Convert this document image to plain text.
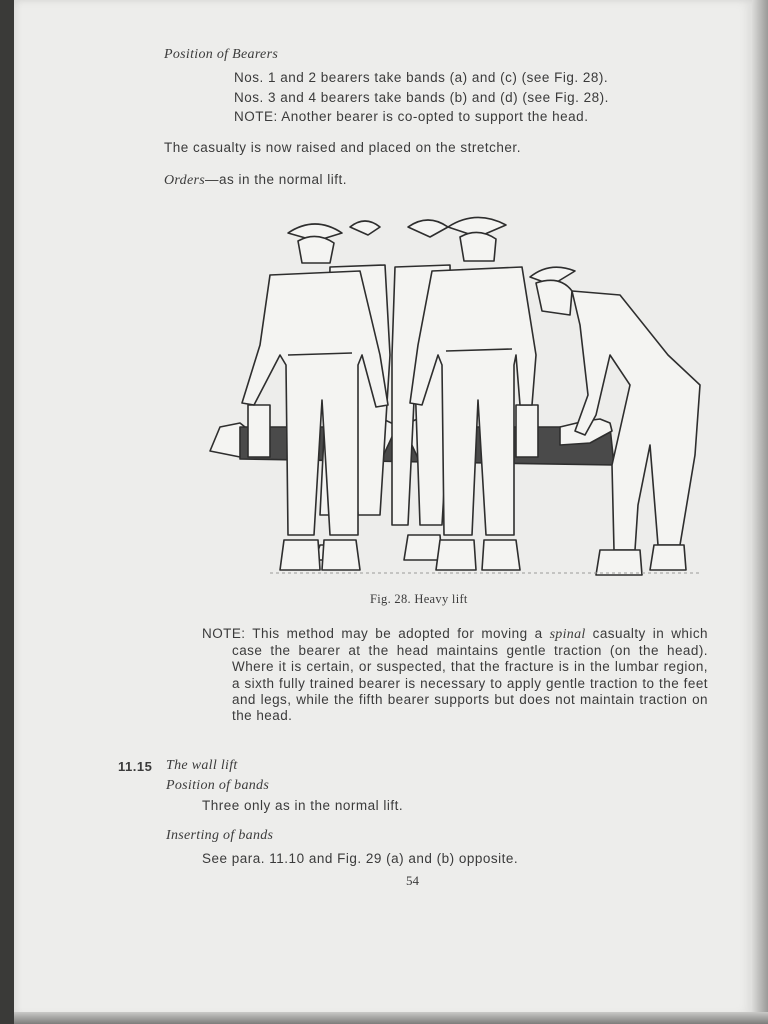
Position of Bearers
Nos. 1 and 2 bearers take bands (a) and (c) (see Fig. 28).
Nos. 3 and 4 bearers take bands (b) and (d) (see Fig. 28).
NOTE: Another bearer is co-opted to support the head.
The casualty is now raised and placed on the stretcher.
Orders—as in the normal lift.
Fig. 28. Heavy lift
NOTE: This method may be adopted for moving a spinal casualty in which case the bearer at the head maintains gentle traction (on the head). Where it is certain, or suspected, that the fracture is in the lumbar region, a sixth fully trained bearer is necessary to apply gentle traction to the feet and legs, while the fifth bearer supports but does not maintain traction on the head.
11.15 The wall lift
Position of bands
Three only as in the normal lift.
Inserting of bands
See para. 11.10 and Fig. 29 (a) and (b) opposite.
54
